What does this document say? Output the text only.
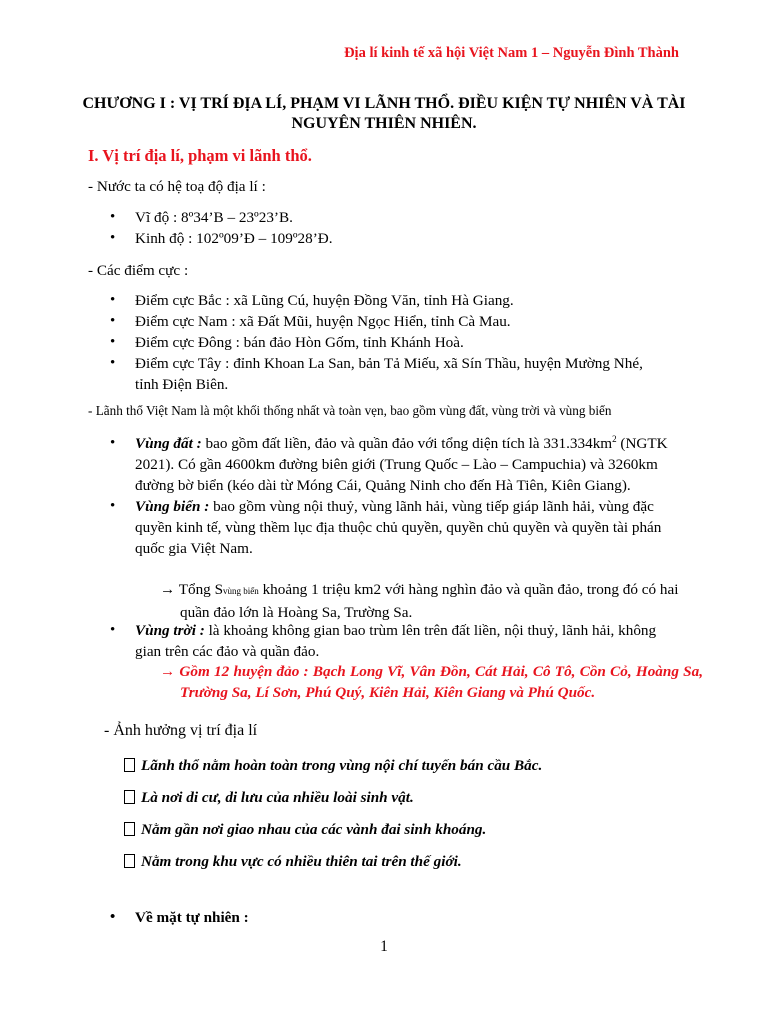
Địa lí kinh tế xã hội Việt Nam 1 – Nguyễn Đình Thành
CHƯƠNG I : VỊ TRÍ ĐỊA LÍ, PHẠM VI LÃNH THỔ. ĐIỀU KIỆN TỰ NHIÊN VÀ TÀI NGUYÊN THIÊN NHIÊN.
I. Vị trí địa lí, phạm vi lãnh thổ.
- Nước ta có hệ toạ độ địa lí :
• Vĩ độ : 8º34’B – 23º23’B.
• Kinh độ : 102º09’Đ – 109º28’Đ.
- Các điểm cực :
• Điểm cực Bắc : xã Lũng Cú, huyện Đồng Văn, tỉnh Hà Giang.
• Điểm cực Nam : xã Đất Mũi, huyện Ngọc Hiển, tỉnh Cà Mau.
• Điểm cực Đông : bán đảo Hòn Gốm, tỉnh Khánh Hoà.
• Điểm cực Tây : đỉnh Khoan La San, bản Tả Miếu, xã Sín Thầu, huyện Mường Nhé, tỉnh Điện Biên.
- Lãnh thổ Việt Nam là một khối thống nhất và toàn vẹn, bao gồm vùng đất, vùng trời và vùng biển
• Vùng đất : bao gồm đất liền, đảo và quần đảo với tổng diện tích là $331.334km^2$ (NGTK 2021). Có gần 4600km đường biên giới (Trung Quốc – Lào – Campuchia) và 3260km đường bờ biển (kéo dài từ Móng Cái, Quảng Ninh cho đến Hà Tiên, Kiên Giang).
• Vùng biển : bao gồm vùng nội thuỷ, vùng lãnh hải, vùng tiếp giáp lãnh hải, vùng đặc quyền kinh tế, vùng thềm lục địa thuộc chủ quyền, quyền chủ quyền và quyền tài phán quốc gia Việt Nam.
→ Tổng Svùng biển khoảng 1 triệu km2 với hàng nghìn đảo và quần đảo, trong đó có hai quần đảo lớn là Hoàng Sa, Trường Sa.
• Vùng trời : là khoảng không gian bao trùm lên trên đất liền, nội thuỷ, lãnh hải, không gian trên các đảo và quần đảo.
→ Gồm 12 huyện đảo : Bạch Long Vĩ, Vân Đồn, Cát Hải, Cô Tô, Cồn Cỏ, Hoàng Sa, Trường Sa, Lí Sơn, Phú Quý, Kiên Hải, Kiên Giang và Phú Quốc.
- Ảnh hưởng vị trí địa lí
Lãnh thổ nằm hoàn toàn trong vùng nội chí tuyến bán cầu Bắc.
Là nơi di cư, di lưu của nhiều loài sinh vật.
Nằm gần nơi giao nhau của các vành đai sinh khoáng.
Nằm trong khu vực có nhiều thiên tai trên thế giới.
• Về mặt tự nhiên :
1
